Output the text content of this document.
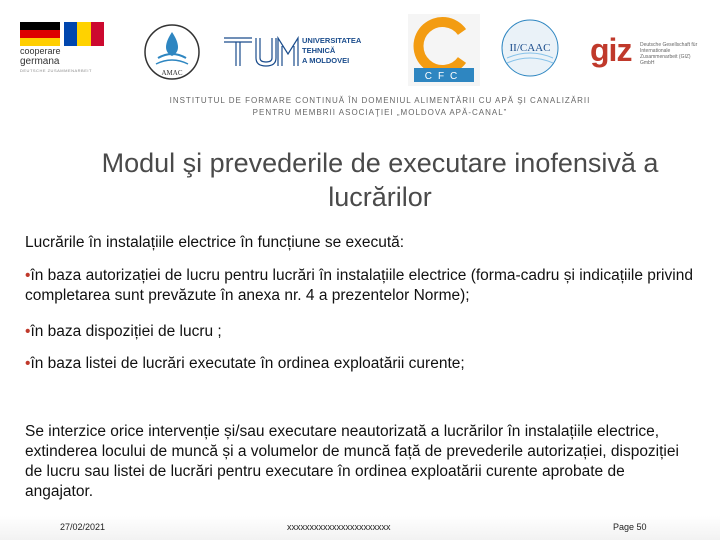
cooperare
germana
DEUTSCHE ZUSAMMENARBEIT	AMAC
UNIVERSITATEA TEHNICĂ
A MOLDOVEI
CFC
II/CAAC giz Deutsche Gesellschaft für Internationale Zusammenarbeit (GIZ) GmbH
INSTITUTUL DE FORMARE CONTINUĂ ÎN DOMENIUL ALIMENTĂRII CU APĂ ŞI CANALIZĂRII
PENTRU MEMBRII ASOCIAŢIEI „MOLDOVA APĂ-CANAL”
Modul şi prevederile de executare inofensivă a
lucrărilor
Lucrările în instalațiile electrice în funcțiune se execută:
•în baza autorizației de lucru pentru lucrări în instalațiile electrice (forma-cadru și indicațiile privind completarea sunt prevăzute în anexa nr. 4 a prezentelor Norme);
•în baza dispoziției de lucru ;
•în baza listei de lucrări executate în ordinea exploatării curente;
Se interzice orice intervenție și/sau executare neautorizată a lucrărilor în instalațiile electrice, extinderea locului de muncă și a volumelor de muncă față de prevederile autorizației, dispoziției de lucru sau listei de lucrări pentru executare în ordinea exploatării curente aprobate de angajator.
27/02/2021	xxxxxxxxxxxxxxxxxxxxxxx	Page 50
